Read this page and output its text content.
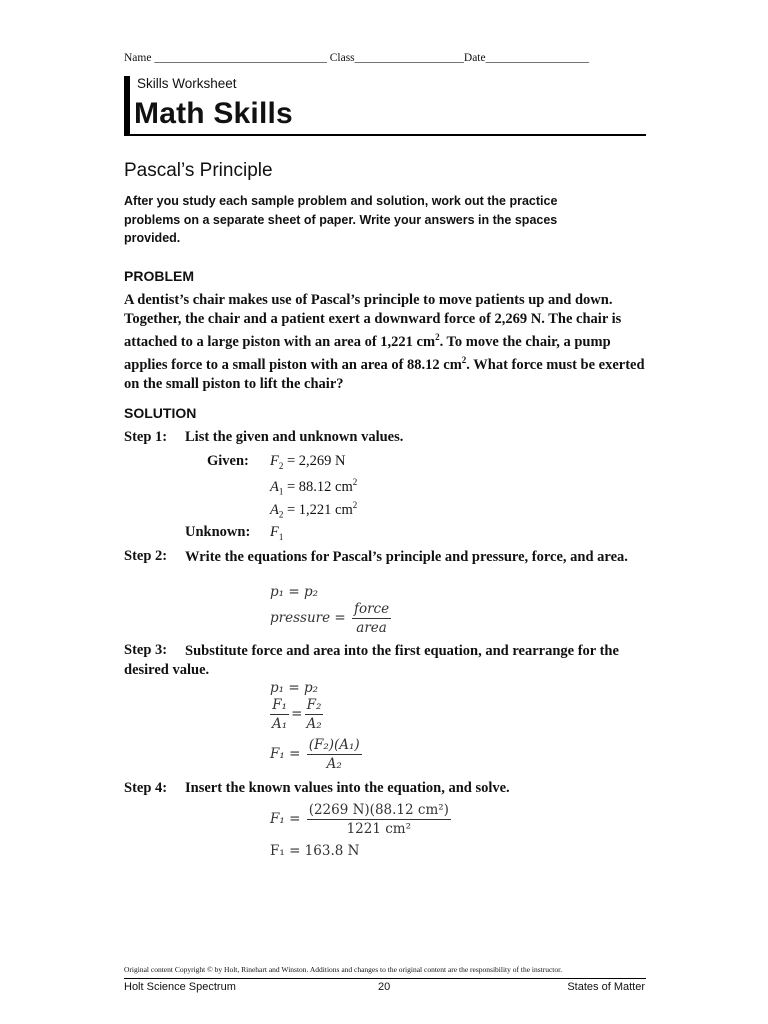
Name ______________________________ Class___________________Date__________________
Skills Worksheet
Math Skills
Pascal’s Principle
After you study each sample problem and solution, work out the practice problems on a separate sheet of paper. Write your answers in the spaces provided.
PROBLEM
A dentist’s chair makes use of Pascal’s principle to move patients up and down. Together, the chair and a patient exert a downward force of 2,269 N. The chair is attached to a large piston with an area of 1,221 $cm^2$. To move the chair, a pump applies force to a small piston with an area of 88.12 $cm^2$. What force must be exerted on the small piston to lift the chair?
SOLUTION
Step 1: List the given and unknown values.
Given: $F_2 = 2,269$ N
$A_1 = 88.12$ $cm^2$
$A_2 = 1,221$ $cm^2$
Unknown: $F_1$
Step 2:	Write the equations for Pascal’s principle and pressure, force, and area.
p₁ = p₂
pressure = $\frac{\text{force}}{\text{area}}$
Step 3:	Substitute force and area into the first equation, and rearrange for the desired value.
p₁ = p₂
$\frac{\text{F₁}}{\text{A₁}} = \frac{\text{F₂}}{\text{A₂}}$
$F_1 = \frac{\text{(F₂)(A₁)}}{\text{A₂}}$
Step 4: Insert the known values into the equation, and solve.
$F_1 = \frac{\text{(2269 N)(88.12 cm²)}}{\text{1221 cm²}}$
F₁ = 163.8 N
Original content Copyright © by Holt, Rinehart and Winston. Additions and changes to the original content are the responsibility of the instructor.
Holt Science Spectrum	20	States of Matter
